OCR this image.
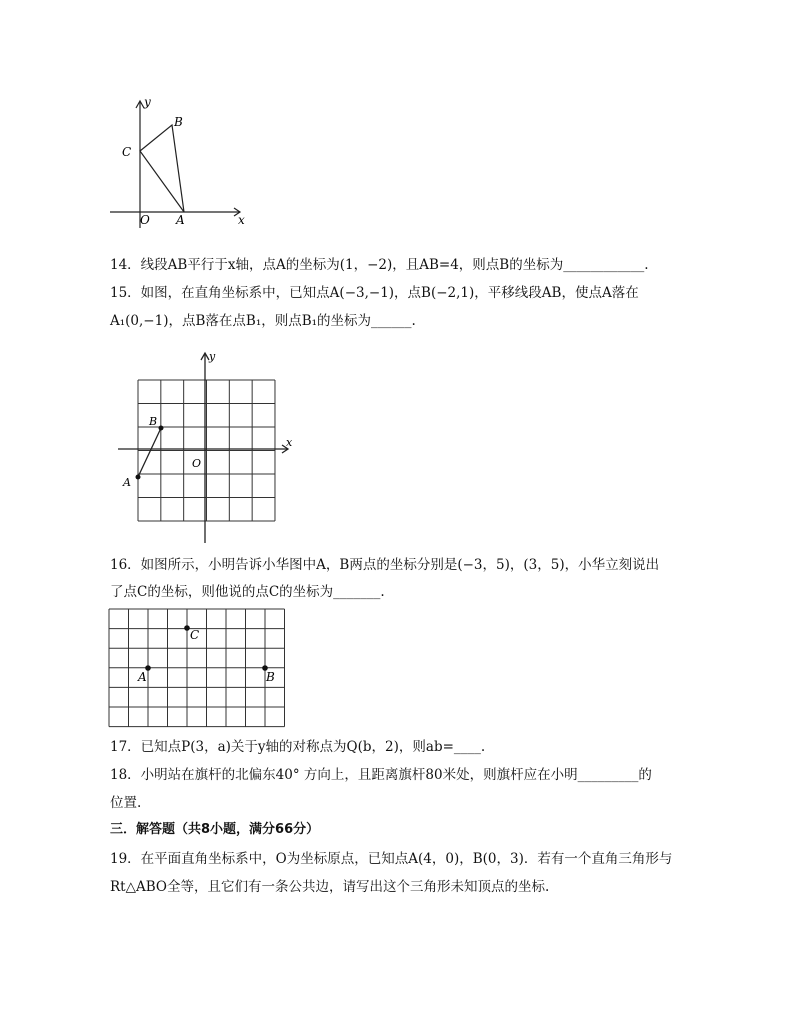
y
x
B
C
O A
14．线段AB平行于x轴，点A的坐标为(1，−2)，且AB=4，则点B的坐标为____________.
15．如图，在直角坐标系中，已知点A(−3,−1)，点B(−2,1)，平移线段AB，使点A落在
A₁(0,−1)，点B落在点B₁，则点B₁的坐标为______.
y
x
B
O
A
16．如图所示，小明告诉小华图中A，B两点的坐标分别是(−3，5)，(3，5)，小华立刻说出
了点C的坐标，则他说的点C的坐标为_______.
C
A	B
17．已知点P(3，a)关于y轴的对称点为Q(b，2)，则ab=____.
18．小明站在旗杆的北偏东40° 方向上，且距离旗杆80米处，则旗杆应在小明_________的
位置.
三．解答题（共8小题，满分66分）
19．在平面直角坐标系中，O为坐标原点，已知点A(4，0)，B(0，3)．若有一个直角三角形与
Rt△ABO全等，且它们有一条公共边，请写出这个三角形未知顶点的坐标.
